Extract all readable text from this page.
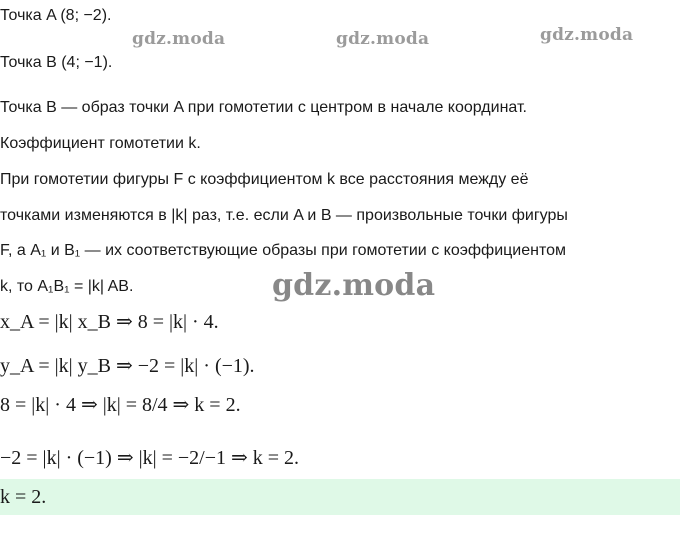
gdz.moda	gdz.moda	gdz.moda
gdz.moda
Точка A (8; −2).
Точка B (4; −1).
Точка B — образ точки A при гомотетии с центром в начале координат.
Коэффициент гомотетии k.
При гомотетии фигуры F с коэффициентом k все расстояния между её
точками изменяются в |k| раз, т.е. если A и B — произвольные точки фигуры
F, а A₁ и B₁ — их соответствующие образы при гомотетии с коэффициентом
k, то A₁B₁ = |k| AB.
x_A = |k| x_B ⇒ 8 = |k| · 4.
y_A = |k| y_B ⇒ −2 = |k| · (−1).
8 = |k| · 4 ⇒ |k| = 8/4 ⇒ k = 2.
−2 = |k| · (−1) ⇒ |k| = −2/−1 ⇒ k = 2.
k = 2.
